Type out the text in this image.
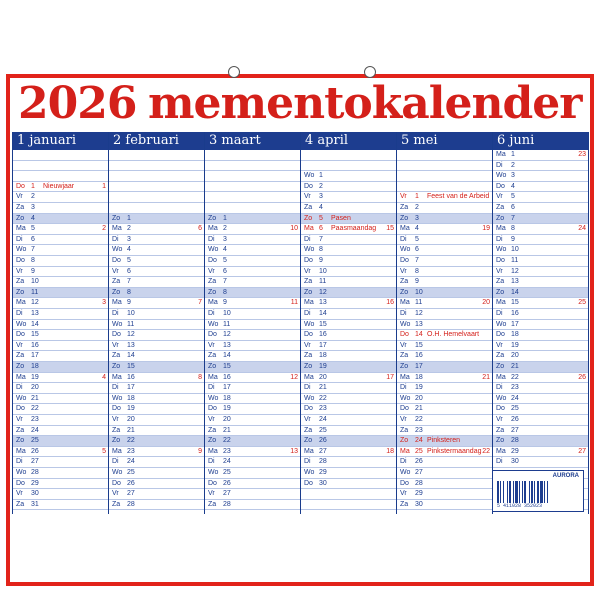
2026 mementokalender
1 januari
Do 1 Nieuwjaar	1
Vr 2
Za 3
Zo 4
Ma 5	2
Di 6
Wo 7
Do 8
Vr 9
Za 10
Zo 11
Ma 12	3
Di 13
Wo 14
Do 15
Vr 16
Za 17
Zo 18
Ma 19	4
Di 20
Wo 21
Do 22
Vr 23
Za 24
Zo 25
Ma 26	5
Di 27
Wo 28
Do 29
Vr 30
Za 31
2 februari
Zo 1
Ma 2	6
Di 3
Wo 4
Do 5
Vr 6
Za 7
Zo 8
Ma 9	7
Di 10
Wo 11
Do 12
Vr 13
Za 14
Zo 15
Ma 16	8
Di 17
Wo 18
Do 19
Vr 20
Za 21
Zo 22
Ma 23	9
Di 24
Wo 25
Do 26
Vr 27
Za 28
3 maart
Zo 1
Ma 2	10
Di 3
Wo 4
Do 5
Vr 6
Za 7
Zo 8
Ma 9	11
Di 10
Wo 11
Do 12
Vr 13
Za 14
Zo 15
Ma 16	12
Di 17
Wo 18
Do 19
Vr 20
Za 21
Zo 22
Ma 23	13
Di 24
Wo 25
Do 26
Vr 27
Za 28
4 april
Wo 1
Do 2
Vr 3
Za 4
Zo 5 Pasen
Ma 6 Paasmaandag 15
Di 7
Wo 8
Do 9
Vr 10
Za 11
Zo 12
Ma 13	16
Di 14
Wo 15
Do 16
Vr 17
Za 18
Zo 19
Ma 20	17
Di 21
Wo 22
Do 23
Vr 24
Za 25
Zo 26
Ma 27	18
Di 28
Wo 29
Do 30
5 mei
Vr 1 Feest van de Arbeid
Za 2
Zo 3
Ma 4	19
Di 5
Wo 6
Do 7
Vr 8
Za 9
Zo 10
Ma 11	20
Di 12
Wo 13
Do 14 O.H. Hemelvaart
Vr 15
Za 16
Zo 17
Ma 18	21
Di 19
Wo 20
Do 21
Vr 22
Za 23
Zo 24 Pinksteren
Ma 25 Pinkstermaandag 22
Di 26
Wo 27
Do 28
Vr 29
Za 30
6 juni
Ma 1	23
Di 2
Wo 3
Do 4
Vr 5
Za 6
Zo 7
Ma 8	24
Di 9
Wo 10
Do 11
Vr 12
Za 13
Zo 14
Ma 15	25
Di 16
Wo 17
Do 18
Vr 19
Za 20
Zo 21
Ma 22	26
Di 23
Wo 24
Do 25
Vr 26
Za 27
Zo 28
Ma 29	27
Di 30
AURORA
5 411028 352023
